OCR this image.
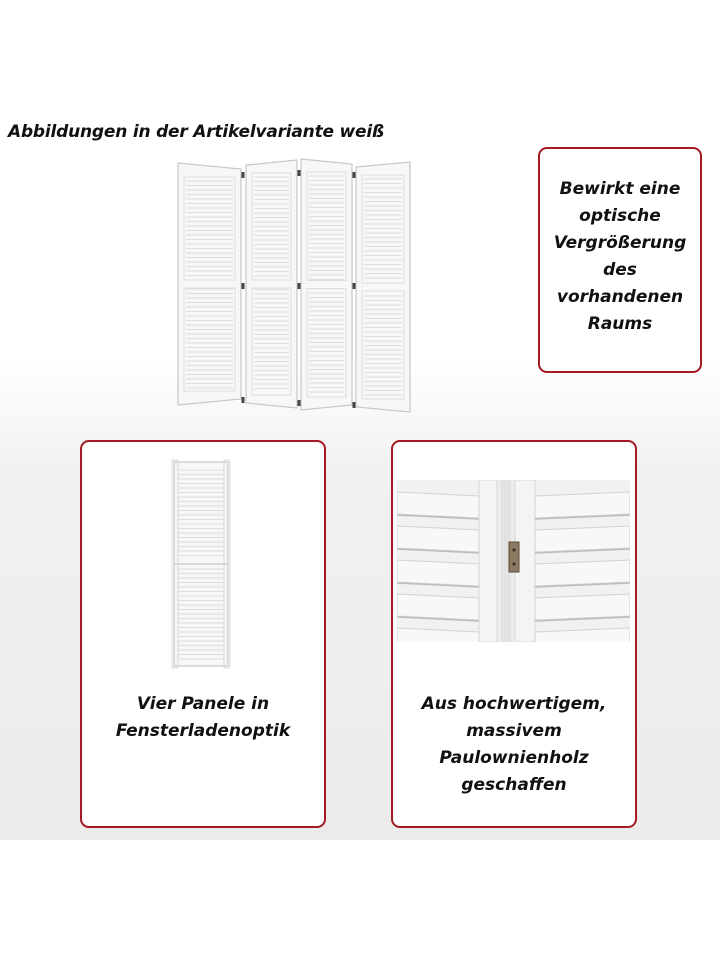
Abbildungen in der Artikelvariante weiß
Bewirkt eine
optische
Vergrößerung
des
vorhandenen
Raums
Vier Panele in
Fensterladenoptik
Aus hochwertigem,
massivem
Paulownienholz
geschaffen
